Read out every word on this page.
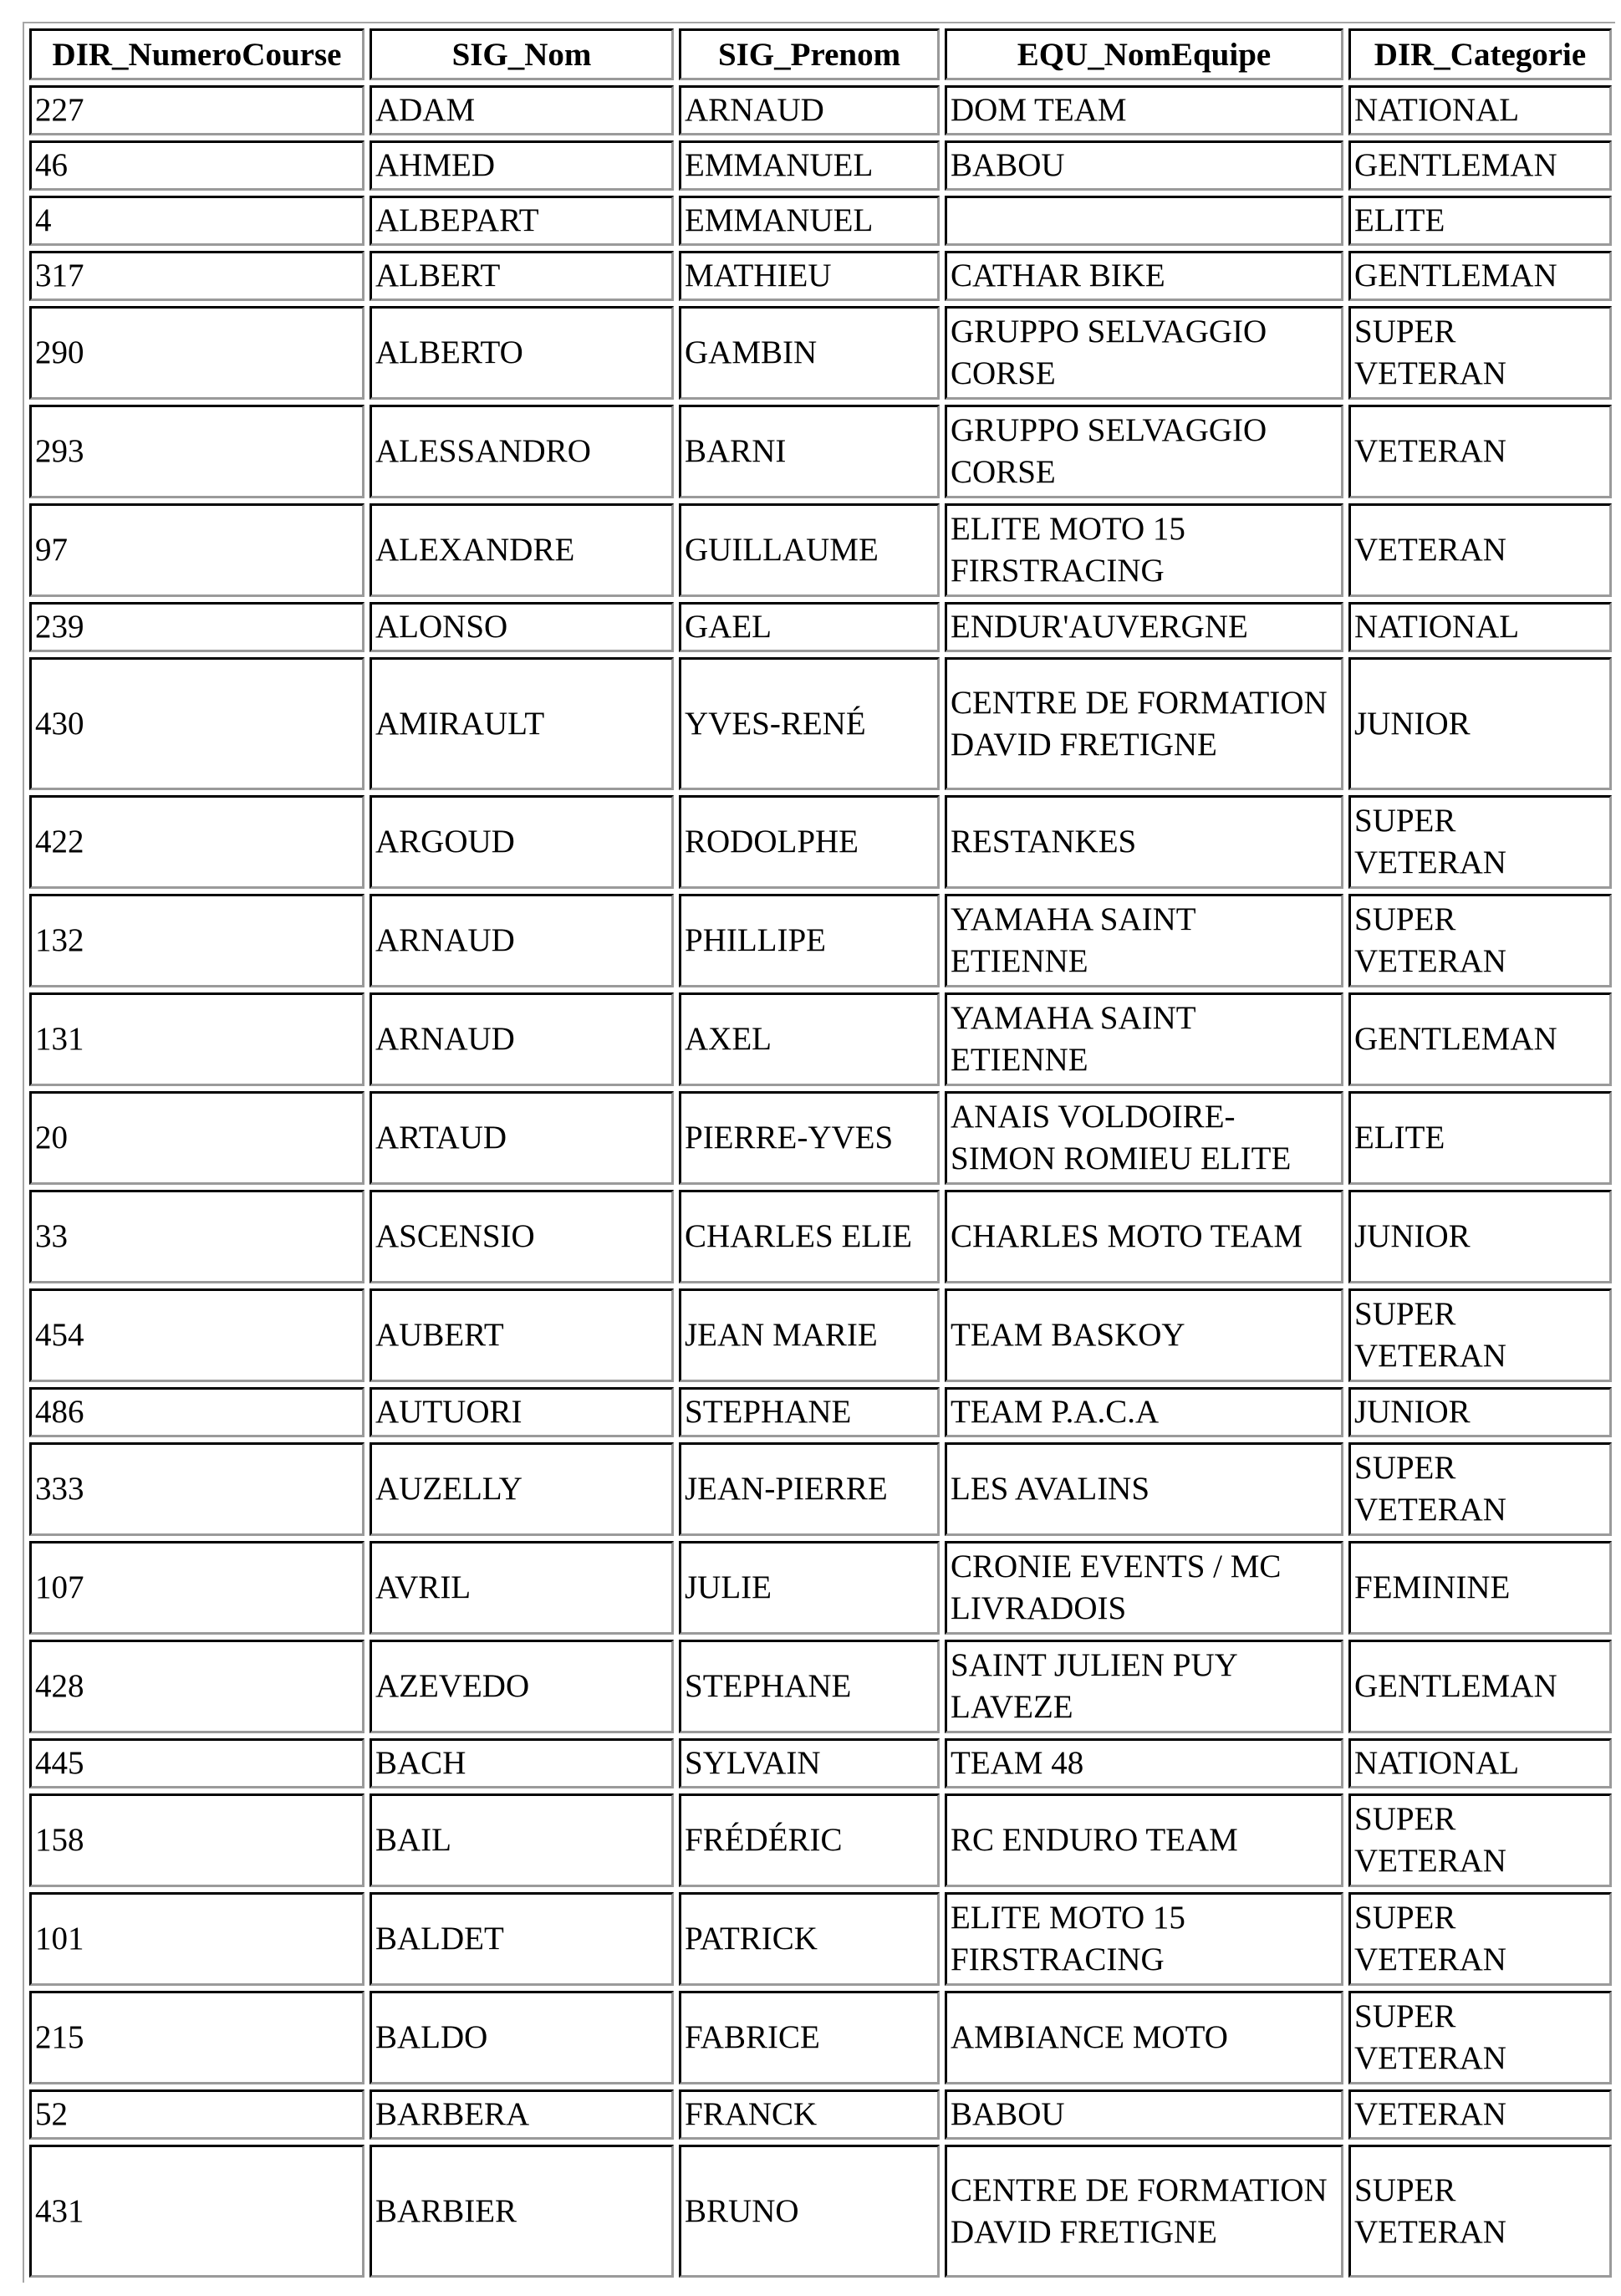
DIR_NumeroCourse	SIG_Nom	SIG_Prenom	EQU_NomEquipe	DIR_Categorie
227	ADAM	ARNAUD	DOM TEAM	NATIONAL
46	AHMED	EMMANUEL	BABOU	GENTLEMAN
4	ALBEPART	EMMANUEL		ELITE
317	ALBERT	MATHIEU	CATHAR BIKE	GENTLEMAN
290	ALBERTO	GAMBIN	GRUPPO SELVAGGIO CORSE	SUPER VETERAN
293	ALESSANDRO	BARNI	GRUPPO SELVAGGIO CORSE	VETERAN
97	ALEXANDRE	GUILLAUME	ELITE MOTO 15 FIRSTRACING	VETERAN
239	ALONSO	GAEL	ENDUR'AUVERGNE	NATIONAL
430	AMIRAULT	YVES-RENÉ	CENTRE DE FORMATION DAVID FRETIGNE	JUNIOR
422	ARGOUD	RODOLPHE	RESTANKES	SUPER VETERAN
132	ARNAUD	PHILLIPE	YAMAHA SAINT ETIENNE	SUPER VETERAN
131	ARNAUD	AXEL	YAMAHA SAINT ETIENNE	GENTLEMAN
20	ARTAUD	PIERRE-YVES	ANAIS VOLDOIRE-SIMON ROMIEU ELITE	ELITE
33	ASCENSIO	CHARLES ELIE	CHARLES MOTO TEAM	JUNIOR
454	AUBERT	JEAN MARIE	TEAM BASKOY	SUPER VETERAN
486	AUTUORI	STEPHANE	TEAM P.A.C.A	JUNIOR
333	AUZELLY	JEAN-PIERRE	LES AVALINS	SUPER VETERAN
107	AVRIL	JULIE	CRONIE EVENTS / MC LIVRADOIS	FEMININE
428	AZEVEDO	STEPHANE	SAINT JULIEN PUY LAVEZE	GENTLEMAN
445	BACH	SYLVAIN	TEAM 48	NATIONAL
158	BAIL	FRÉDÉRIC	RC ENDURO TEAM	SUPER VETERAN
101	BALDET	PATRICK	ELITE MOTO 15 FIRSTRACING	SUPER VETERAN
215	BALDO	FABRICE	AMBIANCE MOTO	SUPER VETERAN
52	BARBERA	FRANCK	BABOU	VETERAN
431	BARBIER	BRUNO	CENTRE DE FORMATION DAVID FRETIGNE	SUPER VETERAN
